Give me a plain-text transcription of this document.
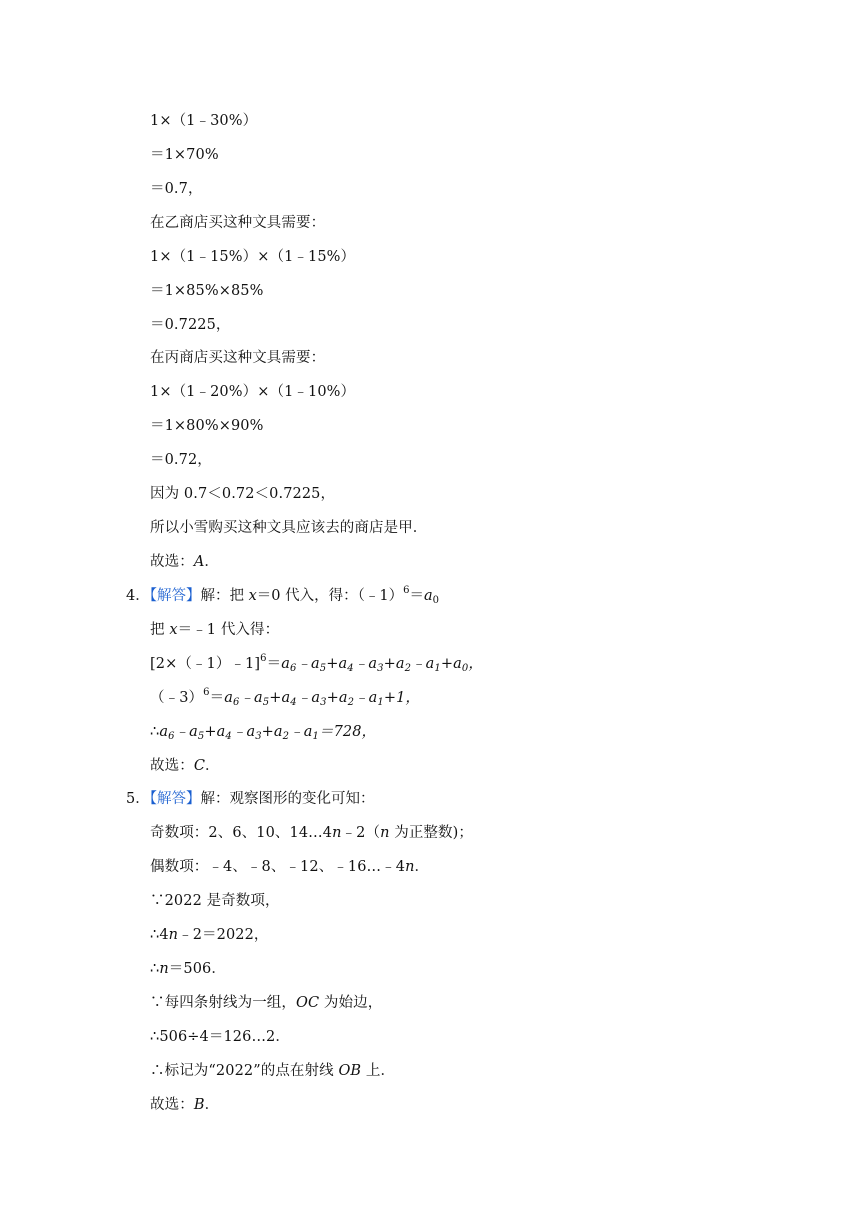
1×（1﹣30%）
＝1×70%
＝0.7，
在乙商店买这种文具需要：
1×（1﹣15%）×（1﹣15%）
＝1×85%×85%
＝0.7225，
在丙商店买这种文具需要：
1×（1﹣20%）×（1﹣10%）
＝1×80%×90%
＝0.72，
因为 0.7＜0.72＜0.7225，
所以小雪购买这种文具应该去的商店是甲．
故选：A．
4．【解答】解：把 x＝0 代入，得：$(﹣1)^6=a_0$
把 x＝﹣1 代入得：
$[2\times(﹣1)﹣1]^6=a_6﹣a_5+a_4﹣a_3+a_2﹣a_1+a_0$，
$(﹣3)^6=a_6﹣a_5+a_4﹣a_3+a_2﹣a_1+1$，
$\therefore a_6﹣a_5+a_4﹣a_3+a_2﹣a_1=728$，
故选：C．
5．【解答】解：观察图形的变化可知：
奇数项：2、6、10、14…4n﹣2（n 为正整数)；
偶数项：﹣4、﹣8、﹣12、﹣16…﹣4n．
∵2022 是奇数项，
∴4n﹣2＝2022，
∴n＝506．
∵每四条射线为一组，OC 为始边，
∴506÷4＝126…2．
∴标记为“2022”的点在射线 OB 上．
故选：B．
